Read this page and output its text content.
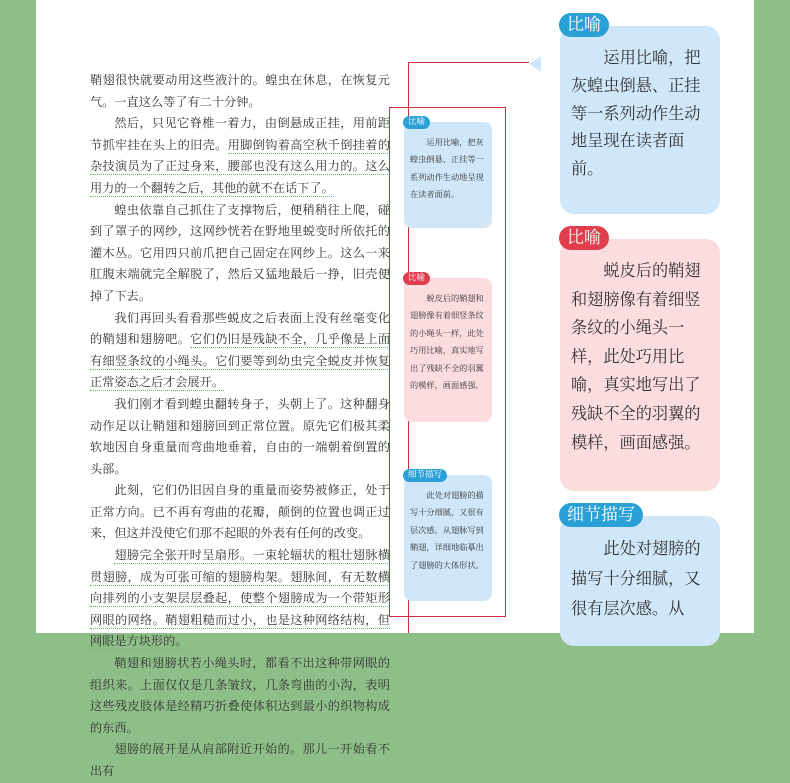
鞘翅很快就要动用这些液汁的。蝗虫在休息，在恢复元气。一直这么等了有二十分钟。

然后，只见它脊椎一着力，由倒悬成正挂，用前距节抓牢挂在头上的旧壳。用脚倒钩着高空秋千倒挂着的杂技演员为了正过身来，腰部也没有这么用力的。这么用力的一个翻转之后，其他的就不在话下了。

蝗虫依靠自己抓住了支撑物后，便稍稍往上爬，碰到了罩子的网纱，这网纱恍若在野地里蜕变时所依托的灌木丛。它用四只前爪把自己固定在网纱上。这么一来肛腹末端就完全解脱了，然后又猛地最后一挣，旧壳便掉了下去。

我们再回头看看那些蜕皮之后表面上没有丝毫变化的鞘翅和翅膀吧。它们仍旧是残缺不全，几乎像是上面有细竖条纹的小绳头。它们要等到幼虫完全蜕皮并恢复正常姿态之后才会展开。

我们刚才看到蝗虫翻转身子，头朝上了。这种翻身动作足以让鞘翅和翅膀回到正常位置。原先它们极其柔软地因自身重量而弯曲地垂着，自由的一端朝着倒置的头部。

此刻，它们仍旧因自身的重量而姿势被修正，处于正常方向。已不再有弯曲的花瓣，颠倒的位置也调正过来，但这并没使它们那不起眼的外表有任何的改变。

翅膀完全张开时呈扇形。一束轮辐状的粗壮翅脉横贯翅膀，成为可张可缩的翅膀构架。翅脉间，有无数横向排列的小支架层层叠起，使整个翅膀成为一个带矩形网眼的网络。鞘翅粗糙而过小，也是这种网络结构，但网眼是方块形的。

鞘翅和翅膀状若小绳头时，都看不出这种带网眼的组织来。上面仅仅是几条皱纹，几条弯曲的小沟，表明这些残皮肢体是经精巧折叠使体积达到最小的织物构成的东西。

翅膀的展开是从肩部附近开始的。那儿一开始看不出有

比喻
运用比喻，把灰蝗虫倒悬、正挂等一系列动作生动地呈现在读者面前。
比喻
蜕皮后的鞘翅和翅膀像有着细竖条纹的小绳头一样，此处巧用比喻，真实地写出了残缺不全的羽翼的模样，画面感强。
细节描写
此处对翅膀的描写十分细腻，又很有层次感。从翅脉写到鞘翅，详细地临摹出了翅膀的大体形状。
比喻
运用比喻，把灰蝗虫倒悬、正挂等一系列动作生动地呈现在读者面前。
比喻
蜕皮后的鞘翅和翅膀像有着细竖条纹的小绳头一样，此处巧用比喻，真实地写出了残缺不全的羽翼的模样，画面感强。
细节描写
此处对翅膀的描写十分细腻，又很有层次感。从
